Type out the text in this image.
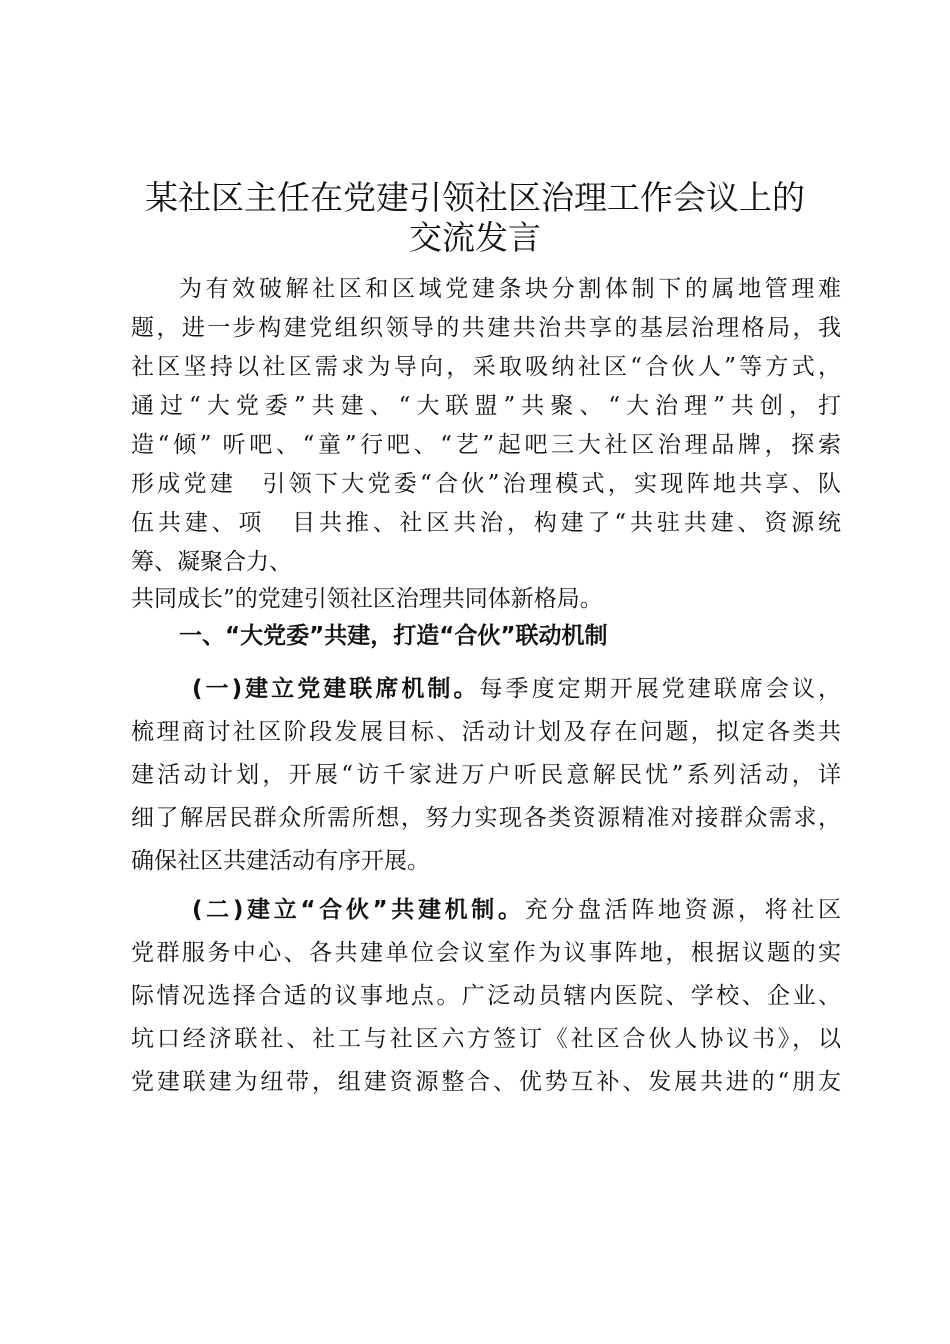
某社区主任在党建引领社区治理工作会议上的
交流发言
为有效破解社区和区域党建条块分割体制下的属地管理难
题，进一步构建党组织领导的共建共治共享的基层治理格局，我
社区坚持以社区需求为导向，采取吸纳社区“合伙人”等方式，
通过“大党委”共建、“大联盟”共聚、“大治理”共创，打
造“倾” 听吧、“童”行吧、“艺”起吧三大社区治理品牌，探索
形成党建　引领下大党委“合伙”治理模式，实现阵地共享、队
伍共建、项　目共推、社区共治，构建了“共驻共建、资源统
筹、凝聚合力、
共同成长”的党建引领社区治理共同体新格局。
一、“大党委”共建，打造“合伙”联动机制
(一)建立党建联席机制。每季度定期开展党建联席会议，
梳理商讨社区阶段发展目标、活动计划及存在问题，拟定各类共
建活动计划，开展“访千家进万户听民意解民忧”系列活动，详
细了解居民群众所需所想，努力实现各类资源精准对接群众需求，
确保社区共建活动有序开展。
(二)建立“合伙”共建机制。充分盘活阵地资源，将社区
党群服务中心、各共建单位会议室作为议事阵地，根据议题的实
际情况选择合适的议事地点。广泛动员辖内医院、学校、企业、
坑口经济联社、社工与社区六方签订《社区合伙人协议书》，以
党建联建为纽带，组建资源整合、优势互补、发展共进的“朋友
